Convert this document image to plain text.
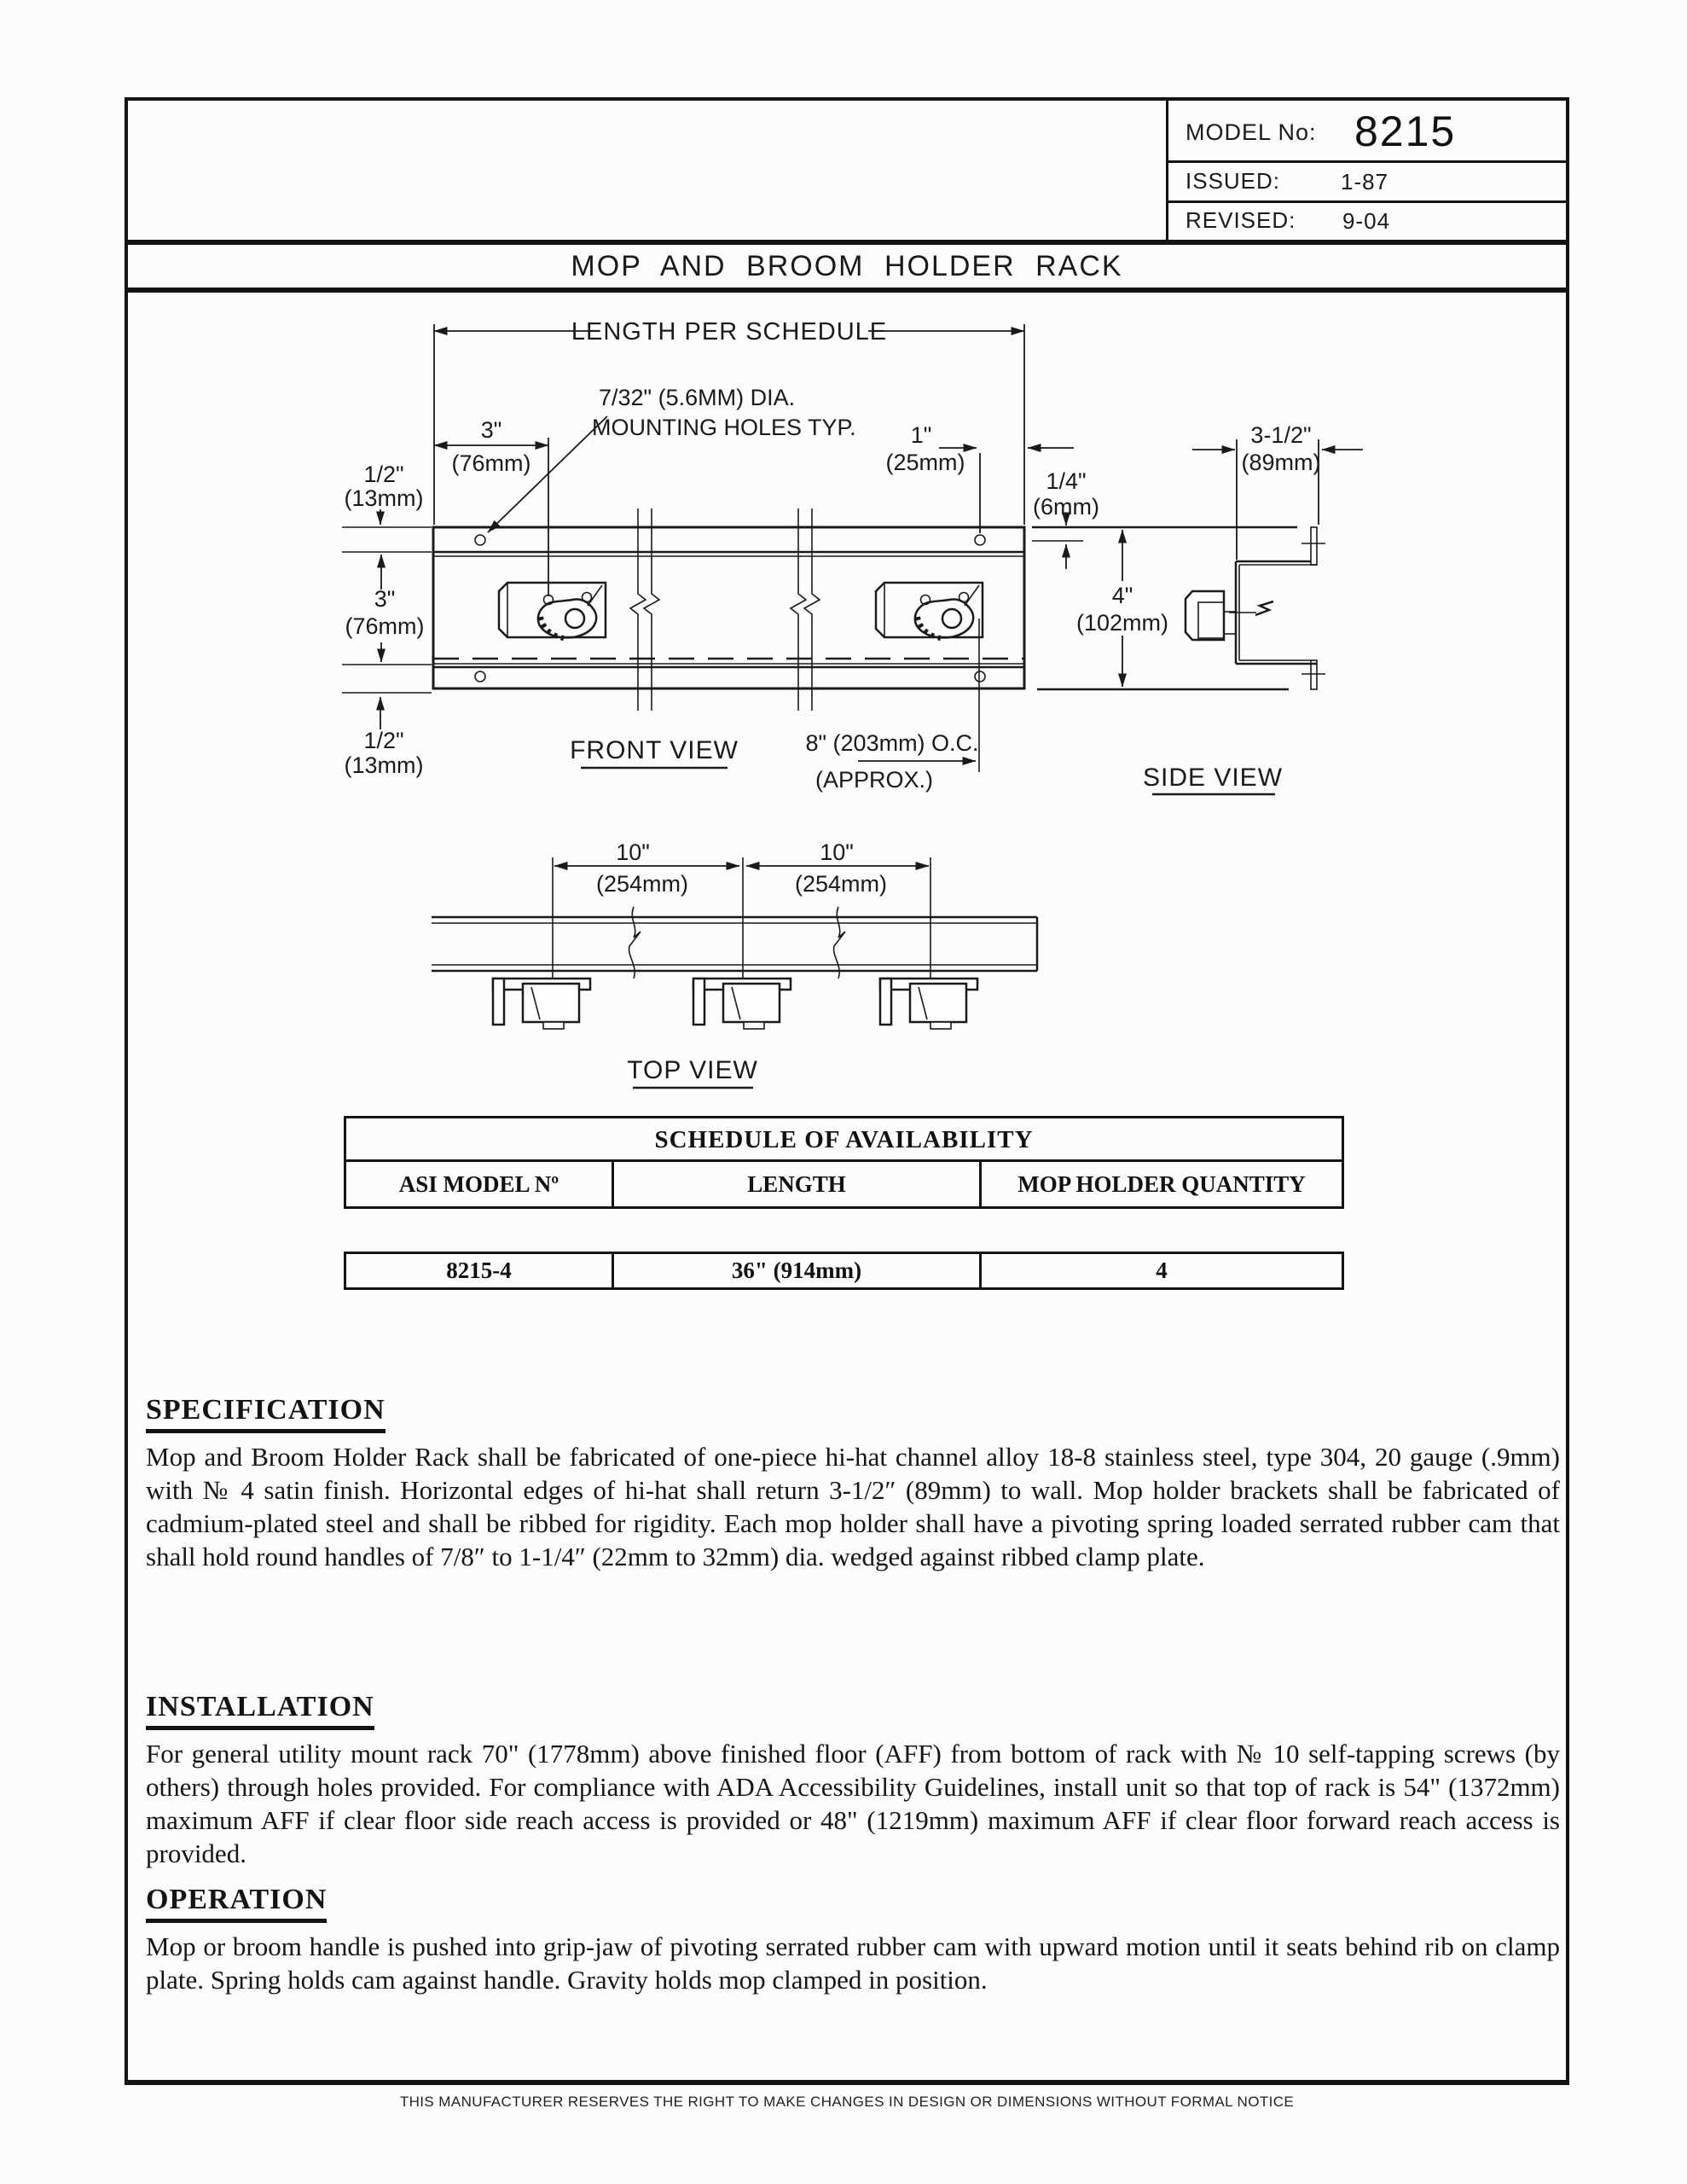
MODEL No: 8215
ISSUED:	1-87
REVISED: 9-04
MOP AND BROOM HOLDER RACK
FRONT VIEW
LENGTH PER SCHEDULE
7/32" (5.6MM) DIA.
MOUNTING HOLES TYP.
3"
(76mm)
1/2"
(13mm)
3"
(76mm)
1/2"
(13mm)
1"
(25mm)
1/4"
(6mm)
8" (203mm) O.C.
(APPROX.)	SIDE VIEW
3-1/2"
(89mm)
4"
(102mm)
10"
(254mm)
10"
(254mm)
TOP VIEW
SCHEDULE OF AVAILABILITY
ASI MODEL Nº	LENGTH	MOP HOLDER QUANTITY
8215-4	36" (914mm)	4
SPECIFICATION
Mop and Broom Holder Rack shall be fabricated of one-piece hi-hat channel alloy 18-8 stainless steel, type 304, 20 gauge (.9mm) with № 4 satin finish. Horizontal edges of hi-hat shall return 3-1/2″ (89mm) to wall. Mop holder brackets shall be fabricated of cadmium-plated steel and shall be ribbed for rigidity. Each mop holder shall have a pivoting spring loaded serrated rubber cam that shall hold round handles of 7/8″ to 1-1/4″ (22mm to 32mm) dia. wedged against ribbed clamp plate.
INSTALLATION
For general utility mount rack 70" (1778mm) above finished floor (AFF) from bottom of rack with № 10 self-tapping screws (by others) through holes provided. For compliance with ADA Accessibility Guidelines, install unit so that top of rack is 54" (1372mm) maximum AFF if clear floor side reach access is provided or 48" (1219mm) maximum AFF if clear floor forward reach access is provided.
OPERATION
Mop or broom handle is pushed into grip-jaw of pivoting serrated rubber cam with upward motion until it seats behind rib on clamp plate. Spring holds cam against handle. Gravity holds mop clamped in position.
THIS MANUFACTURER RESERVES THE RIGHT TO MAKE CHANGES IN DESIGN OR DIMENSIONS WITHOUT FORMAL NOTICE
